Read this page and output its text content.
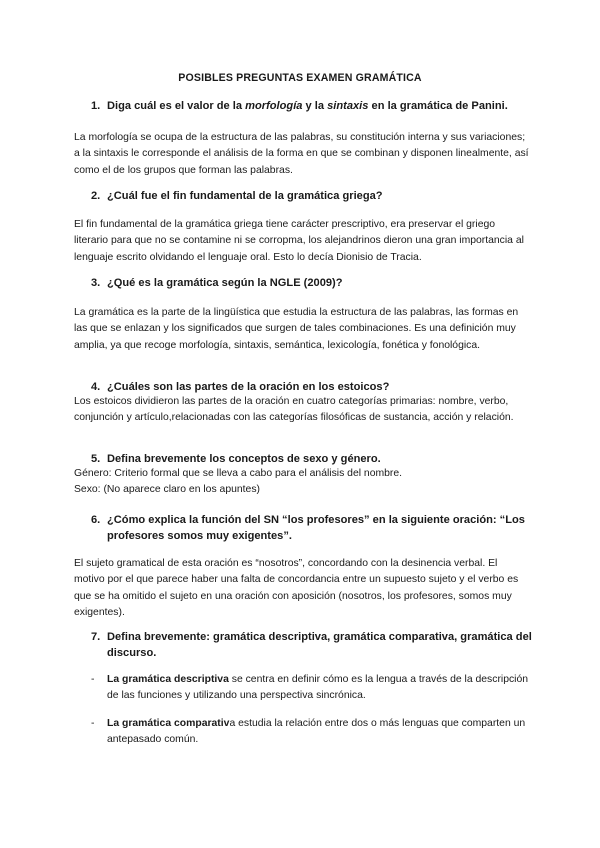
POSIBLES PREGUNTAS EXAMEN GRAMÁTICA
1. Diga cuál es el valor de la morfología y la sintaxis en la gramática de Panini.

La morfología se ocupa de la estructura de las palabras, su constitución interna y sus variaciones; a la sintaxis le corresponde el análisis de la forma en que se combinan y disponen linealmente, así como el de los grupos que forman las palabras.

2. ¿Cuál fue el fin fundamental de la gramática griega?

El fin fundamental de la gramática griega tiene carácter prescriptivo, era preservar el griego literario para que no se contamine ni se corropma, los alejandrinos dieron una gran importancia al lenguaje escrito olvidando el lenguaje oral. Esto lo decía Dionisio de Tracia.

3. ¿Qué es la gramática según la NGLE (2009)?

La gramática es la parte de la lingüística que estudia la estructura de las palabras, las formas en las que se enlazan y los significados que surgen de tales combinaciones. Es una definición muy amplia, ya que recoge morfología, sintaxis, semántica, lexicología, fonética y fonológica.

4. ¿Cuáles son las partes de la oración en los estoicos?

Los estoicos dividieron las partes de la oración en cuatro categorías primarias: nombre, verbo, conjunción y artículo,relacionadas con las categorías filosóficas de sustancia, acción y relación.

5. Defina brevemente los conceptos de sexo y género.

Género: Criterio formal que se lleva a cabo para el análisis del nombre.

Sexo: (No aparece claro en los apuntes)

6. ¿Cómo explica la función del SN “los profesores” en la siguiente oración: “Los profesores somos muy exigentes”.

El sujeto gramatical de esta oración es “nosotros”, concordando con la desinencia verbal. El motivo por el que parece haber una falta de concordancia entre un supuesto sujeto y el verbo es que se ha omitido el sujeto en una oración con aposición (nosotros, los profesores, somos muy exigentes).

7. Defina brevemente: gramática descriptiva, gramática comparativa, gramática del discurso.
-	La gramática descriptiva se centra en definir cómo es la lengua a través de la descripción de las funciones y utilizando una perspectiva sincrónica.
-	La gramática comparativa estudia la relación entre dos o más lenguas que comparten un antepasado común.
